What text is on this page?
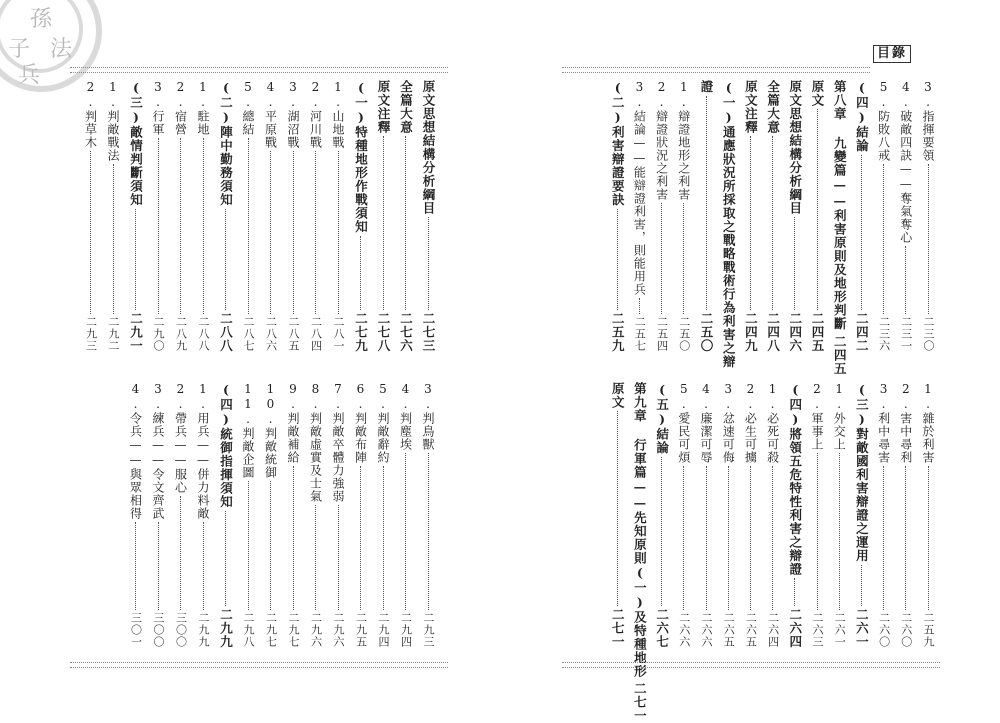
孫
子 法
兵
原文思想結構分析綱目
二七三
全篇大意
二七六
原文注釋
二七八
(一)特種地形作戰須知
二七九
1.山地戰
二八一
2.河川戰
二八四
3.湖沼戰
二八五
4.平原戰
二八六
5.總結
二八七
(二)陣中勤務須知
二八八
1.駐地
二八八
2.宿營
二八九
3.行軍
二九〇
(三)敵情判斷須知
二九一
1.判敵戰法
二九二
2.判草木
二九三
3.判鳥獸
二九三
4.判塵埃
二九四
5.判敵辭約
二九四
6.判敵布陣
二九五
7.判敵卒體力強弱
二九六
8.判敵虛實及士氣
二九六
9.判敵補給
二九七
10.判敵統御
二九七
11.判敵企圖
二九八
(四)統御指揮須知
二九九
1.用兵——併力料敵
二九九
2.帶兵——服心
三〇〇
3.練兵——令文齊武
三〇〇
4.令兵——與眾相得
三〇一
3.指揮要領
二三〇
4.破敵四訣——奪氣奪心
二三一
5.防敗八戒
二三六
(四)結論
二四二
第八章 九變篇——利害原則及地形判斷
二四五
原文
二四五
原文思想結構分析綱目
二四六
全篇大意
二四八
原文注釋
二四九
(一)通應狀況所採取之戰略戰術行為利害之辯
證
二五〇
1.辯證地形之利害
二五〇
2.辯證狀況之利害
二五四
3.結論——能辯證利害，則能用兵
二五七
(二)利害辯證要訣
二五九
1.雜於利害
二五九
2.害中尋利
二六〇
3.利中尋害
二六〇
(三)對敵國利害辯證之運用
二六一
1.外交上
二六一
2.軍事上
二六三
(四)將領五危特性利害之辯證
二六四
1.必死可殺
二六四
2.必生可擄
二六五
3.忿速可侮
二六五
4.廉潔可辱
二六六
5.愛民可煩
二六六
(五)結論
二六七
第九章 行軍篇——先知原則(一)及特種地形
二七一
原文
二七一
目錄
